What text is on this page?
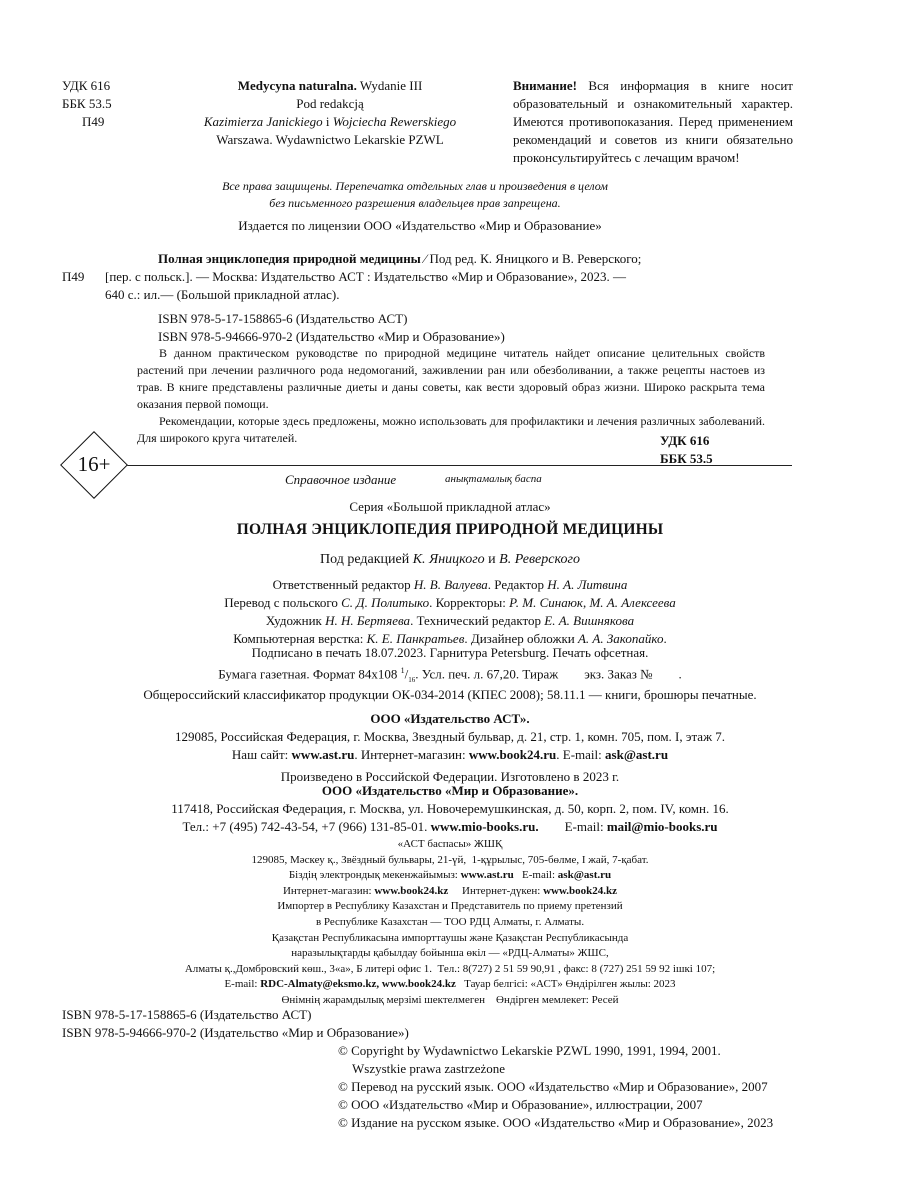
УДК 616
ББК 53.5
П49
Medycyna naturalna. Wydanie III
Pod redakcją
Kazimierza Janickiego i Wojciecha Rewerskiego
Warszawa. Wydawnictwo Lekarskie PZWL
Внимание! Вся информация в книге носит образовательный и ознакомительный характер. Имеются противопоказания. Перед применением рекомендаций и советов из книги обязательно проконсультируйтесь с лечащим врачом!
Все права защищены. Перепечатка отдельных глав и произведения в целом
без письменного разрешения владельцев прав запрещена.
Издается по лицензии ООО «Издательство «Мир и Образование»
П49
Полная энциклопедия природной медицины ⁄ Под ред. К. Яницкого и В. Реверского;
[пер. с польск.]. — Москва: Издательство АСТ : Издательство «Мир и Образование», 2023. —
640 с.: ил.— (Большой прикладной атлас).
ISBN 978-5-17-158865-6 (Издательство АСТ)
ISBN 978-5-94666-970-2 (Издательство «Мир и Образование»)

В данном практическом руководстве по природной медицине читатель найдет описание целительных свойств растений при лечении различного рода недомоганий, заживлении ран или обезболивании, а также рецепты настоев из трав. В книге представлены различные диеты и даны советы, как вести здоровый образ жизни. Широко раскрыта тема оказания первой помощи.

Рекомендации, которые здесь предложены, можно использовать для профилактики и лечения различных заболеваний. Для широкого круга читателей.	УДК 616
ББК 53.5
16+
Справочное издание	анықтамалық баспа
Серия «Большой прикладной атлас»
ПОЛНАЯ ЭНЦИКЛОПЕДИЯ ПРИРОДНОЙ МЕДИЦИНЫ
Под редакцией К. Яницкого и В. Реверского
Ответственный редактор Н. В. Валуева. Редактор Н. А. Литвина
Перевод с польского С. Д. Политыко. Корректоры: Р. М. Синаюк, М. А. Алексеева
Художник Н. Н. Бертяева. Технический редактор Е. А. Вишнякова
Компьютерная верстка: К. Е. Панкратьев. Дизайнер обложки А. А. Закопайко.
Подписано в печать 18.07.2023. Гарнитура Petersburg. Печать офсетная.
Бумага газетная. Формат 84x108 $^1/_{16}$. Усл. печ. л. 67,20. Тираж        экз. Заказ №        .
Общероссийский классификатор продукции ОК-034-2014 (КПЕС 2008); 58.11.1 — книги, брошюры печатные.
ООО «Издательство АСТ».
129085, Российская Федерация, г. Москва, Звездный бульвар, д. 21, стр. 1, комн. 705, пом. I, этаж 7.
Наш сайт: www.ast.ru. Интернет-магазин: www.book24.ru. E-mail: ask@ast.ru
Произведено в Российской Федерации. Изготовлено в 2023 г.
ООО «Издательство «Мир и Образование».
117418, Российская Федерация, г. Москва, ул. Новочеремушкинская, д. 50, корп. 2, пом. IV, комн. 16.
Тел.: +7 (495) 742-43-54, +7 (966) 131-85-01. www.mio-books.ru. E-mail: mail@mio-books.ru
«АСТ баспасы» ЖШҚ
129085, Мәскеу қ., Звёздный бульвары, 21-үй,  1-құрылыс, 705-бөлме, I жай, 7-қабат.
Біздің электрондық мекенжайымыз: www.ast.ru   E-mail: ask@ast.ru
Интернет-магазин: www.book24.kz     Интернет-дүкен: www.book24.kz
Импортер в Республику Казахстан и Представитель по приему претензий
в Республике Казахстан — ТОО РДЦ Алматы, г. Алматы.
Қазақстан Республикасына импорттаушы және Қазақстан Республикасында
наразылықтарды қабылдау бойынша өкіл — «РДЦ-Алматы» ЖШС,
Алматы қ.,Домбровский көш., 3«а», Б литері офис 1.  Тел.: 8(727) 2 51 59 90,91 , факс: 8 (727) 251 59 92 ішкі 107;
E-mail: RDC-Almaty@eksmo.kz, www.book24.kz   Тауар белгісі: «АСТ» Өндірілген жылы: 2023
Өнімнің жарамдылық мерзімі шектелмеген    Өндірген мемлекет: Ресей
ISBN 978-5-17-158865-6 (Издательство АСТ)
ISBN 978-5-94666-970-2 (Издательство «Мир и Образование»)
© Copyright by Wydawnictwo Lekarskie PZWL 1990, 1991, 1994, 2001.
Wszystkie prawa zastrzeżone
© Перевод на русский язык. ООО «Издательство «Мир и Образование», 2007
© ООО «Издательство «Мир и Образование», иллюстрации, 2007
© Издание на русском языке. ООО «Издательство «Мир и Образование», 2023
